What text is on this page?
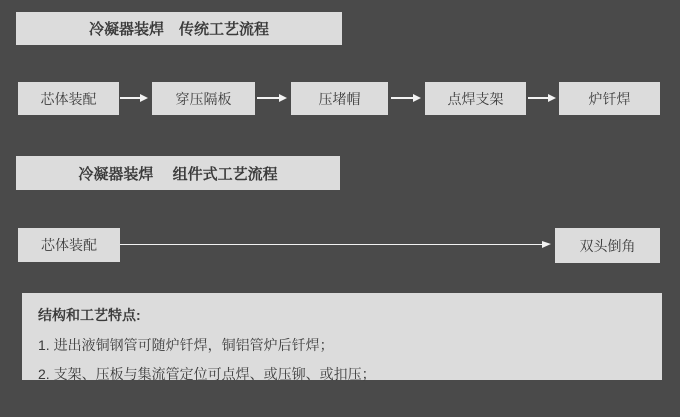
冷凝器装焊　传统工艺流程
芯体装配	穿压隔板	压堵帽	点焊支架	炉钎焊
冷凝器装焊　 组件式工艺流程
芯体装配	双头倒角
结构和工艺特点:
1. 进出液铜钢管可随炉钎焊，铜铝管炉后钎焊；
2. 支架、压板与集流管定位可点焊、或压铆、或扣压；
